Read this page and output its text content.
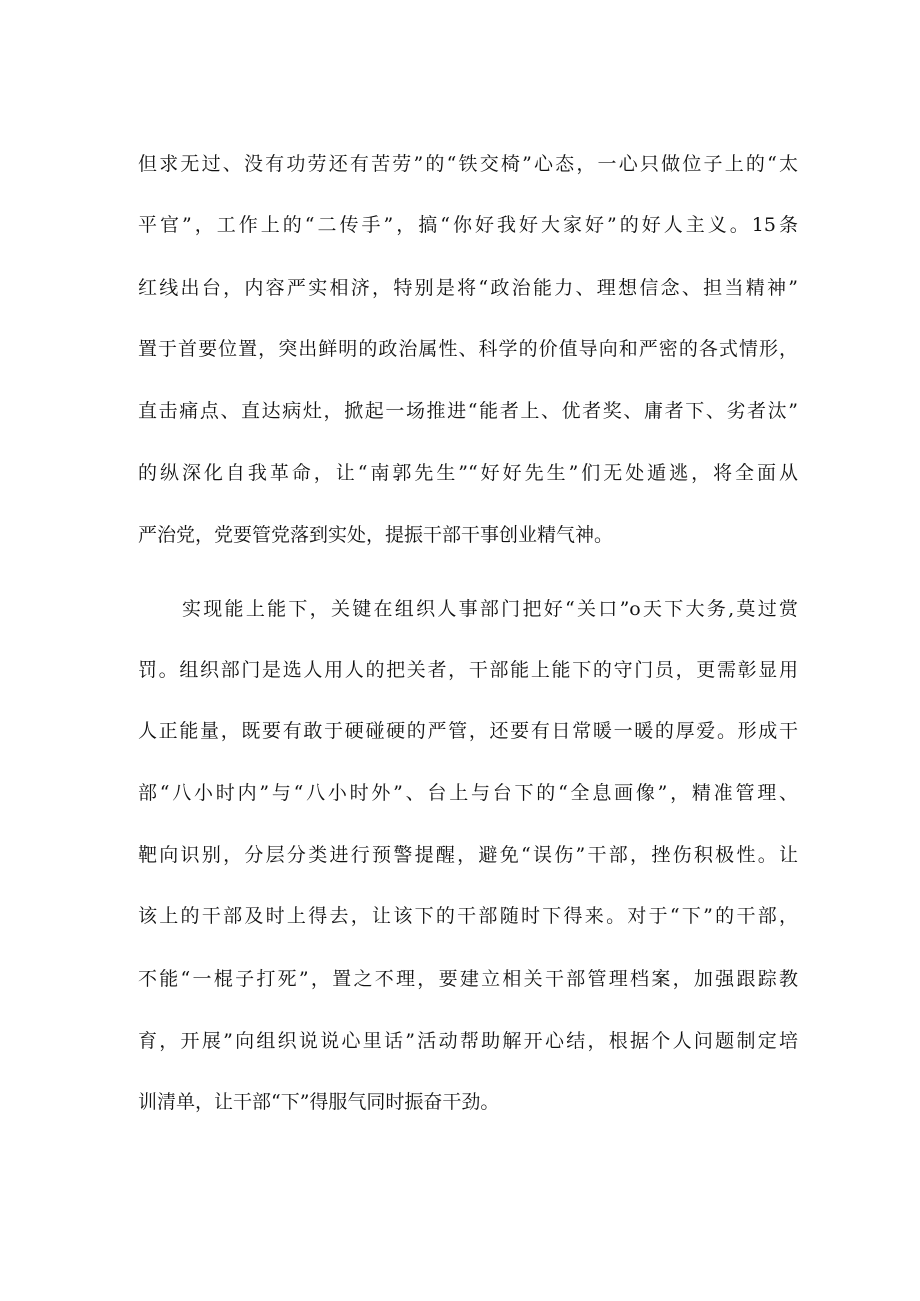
但求无过、没有功劳还有苦劳”的“铁交椅”心态，一心只做位子上的“太
平官”，工作上的“二传手”，搞“你好我好大家好”的好人主义。15条
红线出台，内容严实相济，特别是将“政治能力、理想信念、担当精神”
置于首要位置，突出鲜明的政治属性、科学的价值导向和严密的各式情形，
直击痛点、直达病灶，掀起一场推进“能者上、优者奖、庸者下、劣者汰”
的纵深化自我革命，让“南郭先生”“好好先生”们无处遁逃，将全面从
严治党，党要管党落到实处，提振干部干事创业精气神。
实现能上能下，关键在组织人事部门把好“关口”o天下大务,莫过赏
罚。组织部门是选人用人的把关者，干部能上能下的守门员，更需彰显用
人正能量，既要有敢于硬碰硬的严管，还要有日常暖一暖的厚爱。形成干
部“八小时内”与“八小时外”、台上与台下的“全息画像”，精准管理、
靶向识别，分层分类进行预警提醒，避免“误伤”干部，挫伤积极性。让
该上的干部及时上得去，让该下的干部随时下得来。对于“下”的干部，
不能“一棍子打死”，置之不理，要建立相关干部管理档案，加强跟踪教
育，开展”向组织说说心里话”活动帮助解开心结，根据个人问题制定培
训清单，让干部“下”得服气同时振奋干劲。
